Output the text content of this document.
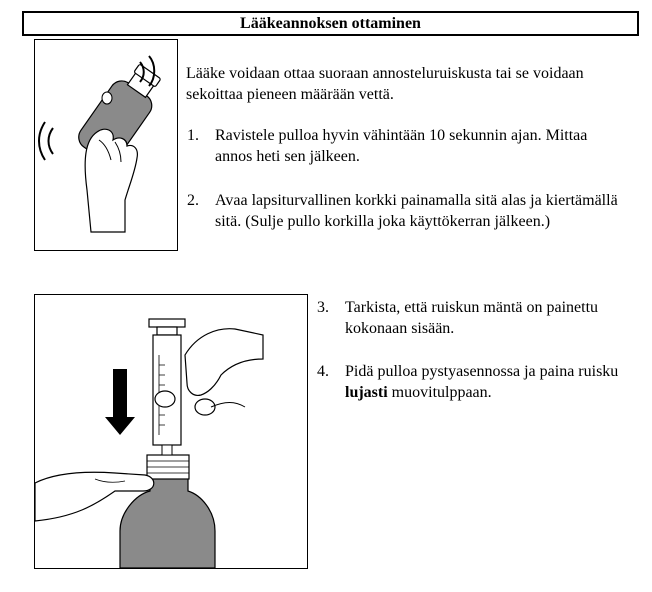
Lääkeannoksen ottaminen
Lääke voidaan ottaa suoraan annosteluruiskusta tai se voidaan sekoittaa pieneen määrään vettä.
1. Ravistele pulloa hyvin vähintään 10 sekunnin ajan. Mittaa annos heti sen jälkeen.
2. Avaa lapsiturvallinen korkki painamalla sitä alas ja kiertämällä sitä. (Sulje pullo korkilla joka käyttökerran jälkeen.)
3. Tarkista, että ruiskun mäntä on painettu kokonaan sisään.
4. Pidä pulloa pystyasennossa ja paina ruisku lujasti muovitulppaan.
